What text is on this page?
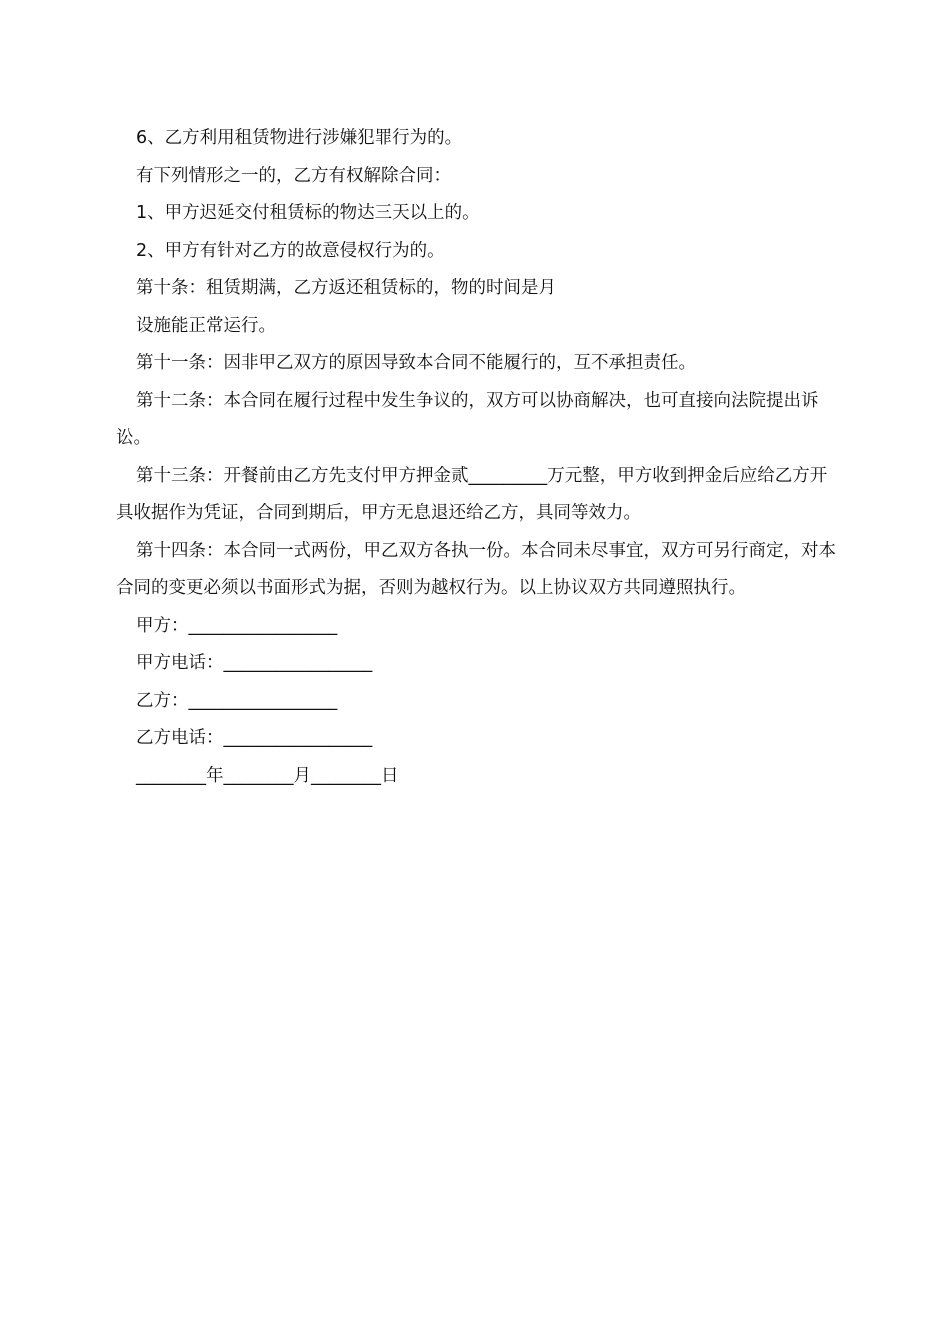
6、乙方利用租赁物进行涉嫌犯罪行为的。

有下列情形之一的，乙方有权解除合同：

1、甲方迟延交付租赁标的物达三天以上的。

2、甲方有针对乙方的故意侵权行为的。

第十条：租赁期满，乙方返还租赁标的，物的时间是月

设施能正常运行。

第十一条：因非甲乙双方的原因导致本合同不能履行的，互不承担责任。

第十二条：本合同在履行过程中发生争议的，双方可以协商解决，也可直接向法院提出诉讼。

第十三条：开餐前由乙方先支付甲方押金贰_________万元整，甲方收到押金后应给乙方开具收据作为凭证，合同到期后，甲方无息退还给乙方，具同等效力。

第十四条：本合同一式两份，甲乙双方各执一份。本合同未尽事宜，双方可另行商定，对本合同的变更必须以书面形式为据，否则为越权行为。以上协议双方共同遵照执行。

甲方：_________________

甲方电话：_________________

乙方：_________________

乙方电话：_________________

________年________月________日
